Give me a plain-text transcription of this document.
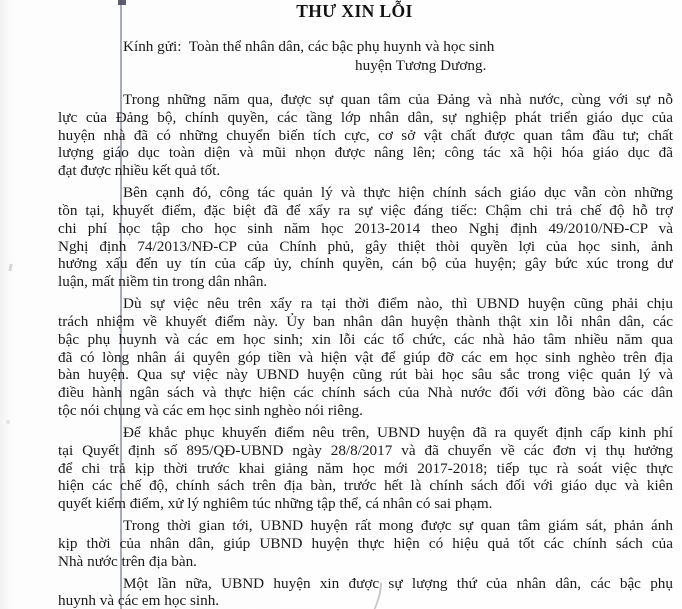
THƯ XIN LỖI
Kính gửi:  Toàn thể nhân dân, các bậc phụ huynh và học sinh
huyện Tương Dương.

Trong những năm qua, được sự quan tâm của Đảng và nhà nước, cùng với sự nỗ
lực của Đảng bộ, chính quyền, các tầng lớp nhân dân, sự nghiệp phát triển giáo dục của
huyện nhà đã có những chuyển biến tích cực, cơ sở vật chất được quan tâm đầu tư; chất
lượng giáo dục toàn diện và mũi nhọn được nâng lên; công tác xã hội hóa giáo dục đã
đạt được nhiều kết quả tốt.

Bên cạnh đó, công tác quản lý và thực hiện chính sách giáo dục vẫn còn những
tồn tại, khuyết điểm, đặc biệt đã để xẩy ra sự việc đáng tiếc: Chậm chi trả chế độ hỗ trợ
chi phí học tập cho học sinh năm học 2013-2014 theo Nghị định 49/2010/NĐ-CP và
Nghị định 74/2013/NĐ-CP của Chính phủ, gây thiệt thòi quyền lợi của học sinh, ảnh
hưởng xấu đến uy tín của cấp ủy, chính quyền, cán bộ của huyện; gây bức xúc trong dư
luận, mất niềm tin trong dân nhân.

Dù sự việc nêu trên xẩy ra tại thời điểm nào, thì UBND huyện cũng phải chịu
trách nhiệm về khuyết điểm này. Ủy ban nhân dân huyện thành thật xin lỗi nhân dân, các
bậc phụ huynh và các em học sinh; xin lỗi các tổ chức, các nhà hảo tâm nhiều năm qua
đã có lòng nhân ái quyên góp tiền và hiện vật để giúp đỡ các em học sinh nghèo trên địa
bàn huyện. Qua sự việc này UBND huyện cũng rút bài học sâu sắc trong việc quản lý và
điều hành ngân sách và thực hiện các chính sách của Nhà nước đối với đồng bào các dân
tộc nói chung và các em học sinh nghèo nói riêng.

Để khắc phục khuyến điểm nêu trên, UBND huyện đã ra quyết định cấp kinh phí
tại Quyết định số 895/QĐ-UBND ngày 28/8/2017 và đã chuyển về các đơn vị thụ hưởng
để chi trả kịp thời trước khai giảng năm học mới 2017-2018; tiếp tục rà soát việc thực
hiện các chế độ, chính sách trên địa bàn, trước hết là chính sách đối với giáo dục và kiên
quyết kiểm điểm, xử lý nghiêm túc những tập thể, cá nhân có sai phạm.

Trong thời gian tới, UBND huyện rất mong được sự quan tâm giám sát, phản ánh
kịp thời của nhân dân, giúp UBND huyện thực hiện có hiệu quả tốt các chính sách của
Nhà nước trên địa bàn.

Một lần nữa, UBND huyện xin được sự lượng thứ của nhân dân, các bậc phụ
huynh và các em học sinh.
